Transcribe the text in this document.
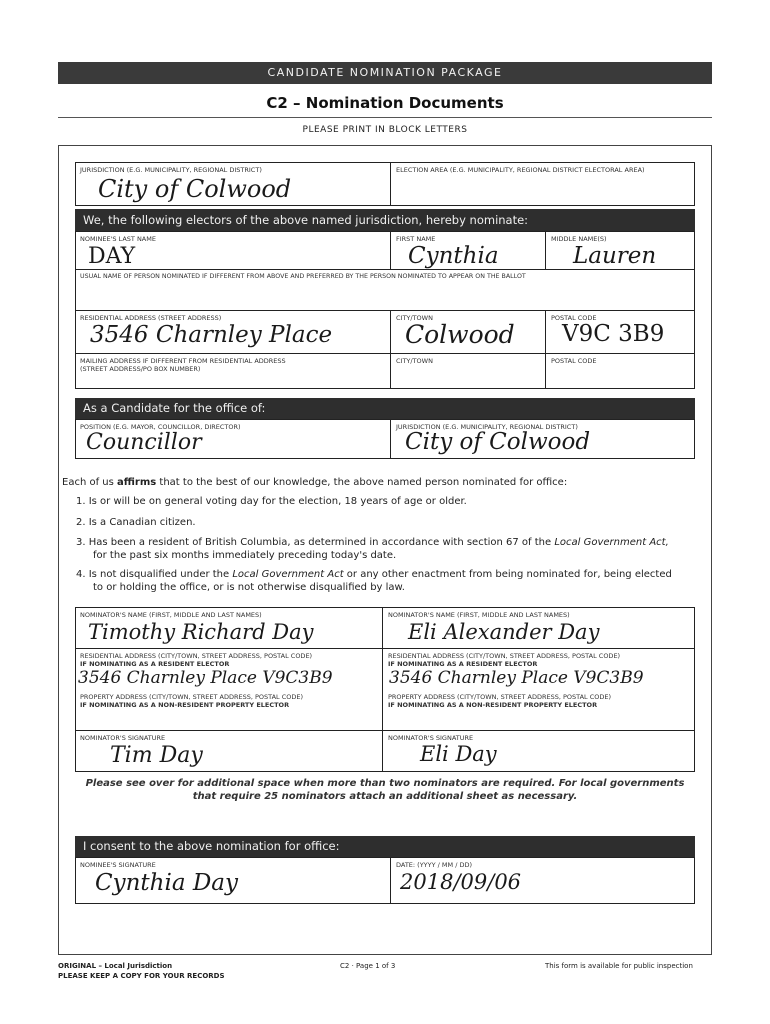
CANDIDATE NOMINATION PACKAGE
C2 – Nomination Documents
PLEASE PRINT IN BLOCK LETTERS
JURISDICTION (E.G. MUNICIPALITY, REGIONAL DISTRICT)
City of Colwood
ELECTION AREA (E.G. MUNICIPALITY, REGIONAL DISTRICT ELECTORAL AREA)
We, the following electors of the above named jurisdiction, hereby nominate:
NOMINEE'S LAST NAME
DAY
FIRST NAME
Cynthia
MIDDLE NAME(S)
Lauren
USUAL NAME OF PERSON NOMINATED IF DIFFERENT FROM ABOVE AND PREFERRED BY THE PERSON NOMINATED TO APPEAR ON THE BALLOT
RESIDENTIAL ADDRESS (STREET ADDRESS)
3546 Charnley Place
CITY/TOWN
Colwood
POSTAL CODE
V9C 3B9
MAILING ADDRESS IF DIFFERENT FROM RESIDENTIAL ADDRESS
(STREET ADDRESS/PO BOX NUMBER)
CITY/TOWN	POSTAL CODE
As a Candidate for the office of:
POSITION (E.G. MAYOR, COUNCILLOR, DIRECTOR)
Councillor
JURISDICTION (E.G. MUNICIPALITY, REGIONAL DISTRICT)
City of Colwood
Each of us affirms that to the best of our knowledge, the above named person nominated for office:
1. Is or will be on general voting day for the election, 18 years of age or older.
2. Is a Canadian citizen.
3. Has been a resident of British Columbia, as determined in accordance with section 67 of the Local Government Act,
for the past six months immediately preceding today's date.
4. Is not disqualified under the Local Government Act or any other enactment from being nominated for, being elected
to or holding the office, or is not otherwise disqualified by law.
NOMINATOR'S NAME (FIRST, MIDDLE AND LAST NAMES)
Timothy Richard Day
NOMINATOR'S NAME (FIRST, MIDDLE AND LAST NAMES)
Eli Alexander Day
RESIDENTIAL ADDRESS (CITY/TOWN, STREET ADDRESS, POSTAL CODE)
IF NOMINATING AS A RESIDENT ELECTOR
3546 Charnley Place V9C3B9
RESIDENTIAL ADDRESS (CITY/TOWN, STREET ADDRESS, POSTAL CODE)
IF NOMINATING AS A RESIDENT ELECTOR
3546 Charnley Place V9C3B9
PROPERTY ADDRESS (CITY/TOWN, STREET ADDRESS, POSTAL CODE)
IF NOMINATING AS A NON-RESIDENT PROPERTY ELECTOR
PROPERTY ADDRESS (CITY/TOWN, STREET ADDRESS, POSTAL CODE)
IF NOMINATING AS A NON-RESIDENT PROPERTY ELECTOR
NOMINATOR'S SIGNATURE
Tim Day
NOMINATOR'S SIGNATURE
Eli Day
Please see over for additional space when more than two nominators are required. For local governments
that require 25 nominators attach an additional sheet as necessary.
I consent to the above nomination for office:
NOMINEE'S SIGNATURE
Cynthia Day
DATE: (YYYY / MM / DD)
2018/09/06
ORIGINAL – Local Jurisdiction
PLEASE KEEP A COPY FOR YOUR RECORDS
C2 · Page 1 of 3	This form is available for public inspection
